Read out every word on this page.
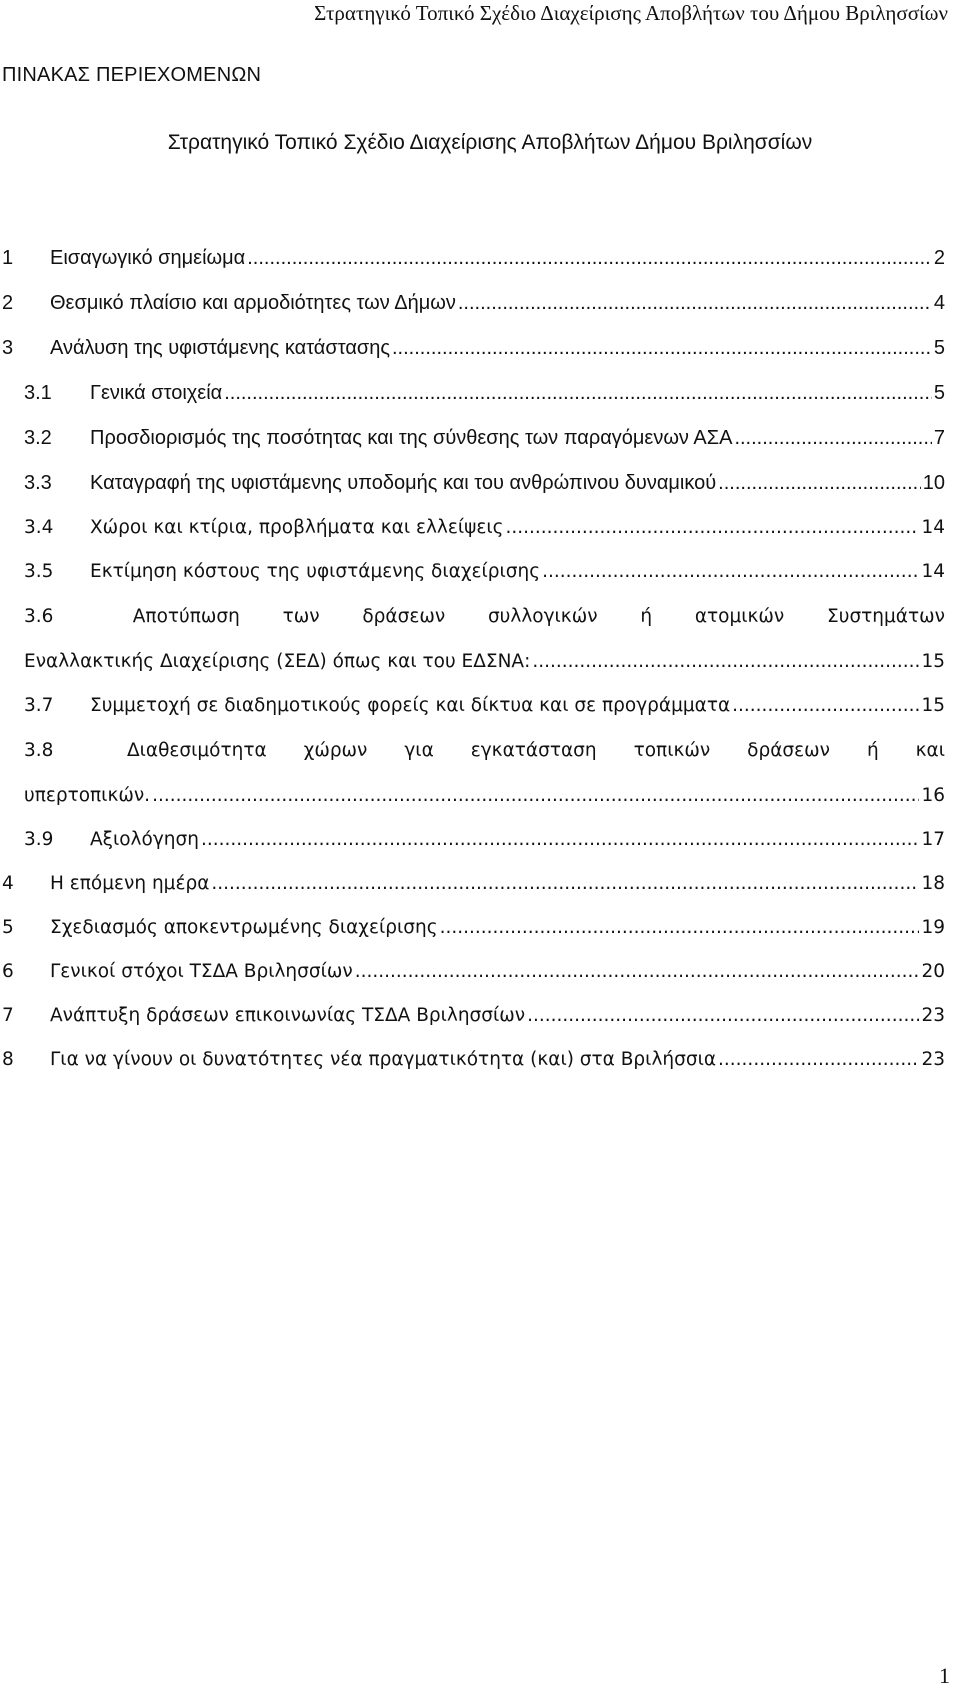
Στρατηγικό Τοπικό Σχέδιο Διαχείρισης Αποβλήτων του Δήμου Βριλησσίων
ΠΙΝΑΚΑΣ ΠΕΡΙΕΧΟΜΕΝΩΝ
Στρατηγικό Τοπικό Σχέδιο Διαχείρισης Αποβλήτων Δήμου Βριλησσίων
1	Εισαγωγικό σημείωμα .....	2
2	Θεσμικό πλαίσιο και αρμοδιότητες των Δήμων .....	4
3	Ανάλυση της υφιστάμενης κατάστασης .....	5
3.1	Γενικά στοιχεία .....	5
3.2	Προσδιορισμός της ποσότητας και της σύνθεσης των παραγόμενων ΑΣΑ .....	7
3.3	Καταγραφή της υφιστάμενης υποδομής και του ανθρώπινου δυναμικού .....	10
3.4	Χώροι και κτίρια, προβλήματα και ελλείψεις .....	14
3.5	Εκτίμηση κόστους της υφιστάμενης διαχείρισης .....	14
3.6	Αποτύπωση των δράσεων συλλογικών ή ατομικών Συστημάτων
Εναλλακτικής Διαχείρισης (ΣΕΔ) όπως και του ΕΔΣΝΑ: .....	15
3.7	Συμμετοχή σε διαδημοτικούς φορείς και δίκτυα και σε προγράμματα .....	15
3.8	Διαθεσιμότητα χώρων για εγκατάσταση τοπικών δράσεων ή και
υπερτοπικών. .....	16
3.9	Αξιολόγηση .....	17
4	Η επόμενη ημέρα .....	18
5	Σχεδιασμός αποκεντρωμένης διαχείρισης .....	19
6	Γενικοί στόχοι ΤΣΔΑ Βριλησσίων .....	20
7	Ανάπτυξη δράσεων επικοινωνίας ΤΣΔΑ Βριλησσίων .....	23
8	Για να γίνουν οι δυνατότητες νέα πραγματικότητα (και) στα Βριλήσσια .....	23
1
